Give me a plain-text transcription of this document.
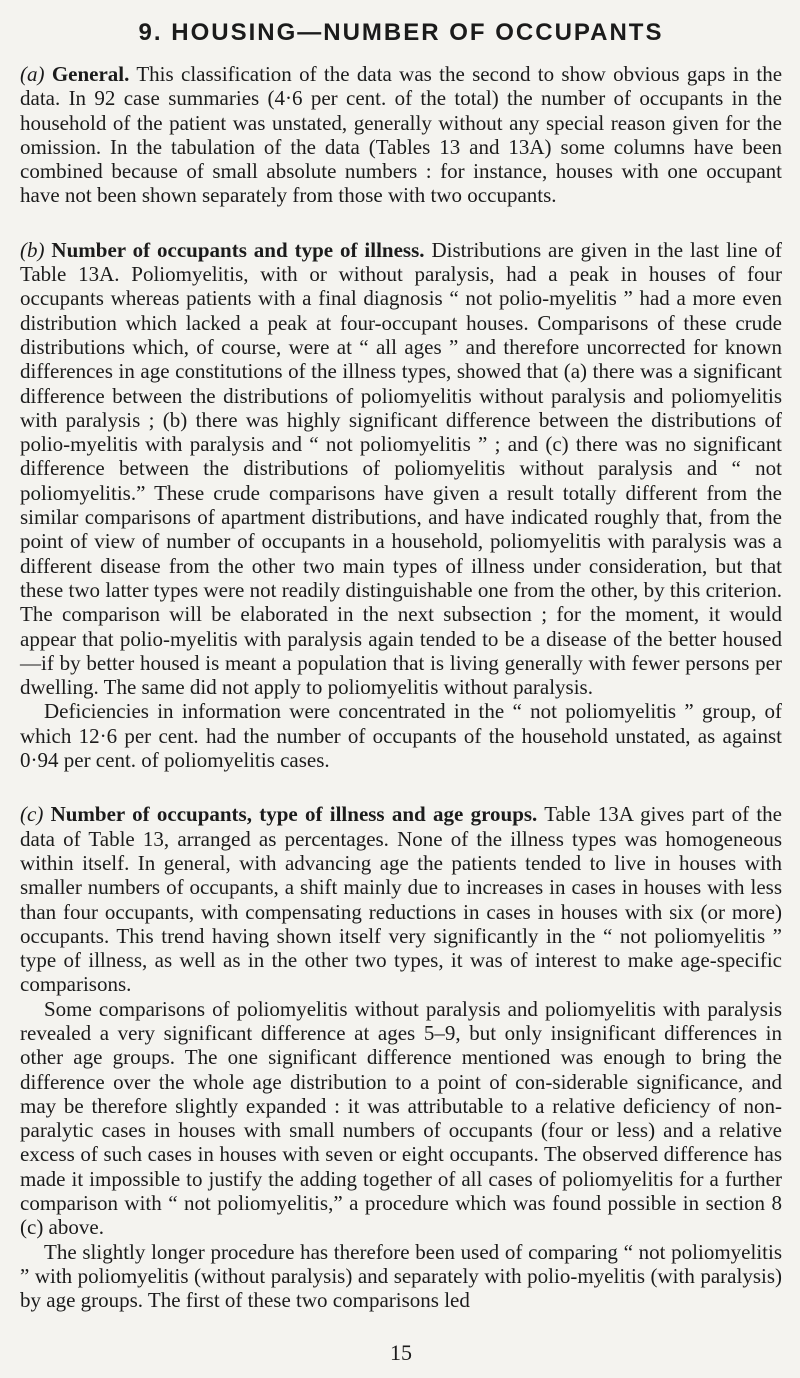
9. HOUSING—NUMBER OF OCCUPANTS

(a) General. This classification of the data was the second to show obvious gaps in the data. In 92 case summaries (4·6 per cent. of the total) the number of occupants in the household of the patient was unstated, generally without any special reason given for the omission. In the tabulation of the data (Tables 13 and 13A) some columns have been combined because of small absolute numbers : for instance, houses with one occupant have not been shown separately from those with two occupants.

(b) Number of occupants and type of illness. Distributions are given in the last line of Table 13A. Poliomyelitis, with or without paralysis, had a peak in houses of four occupants whereas patients with a final diagnosis “ not polio-myelitis ” had a more even distribution which lacked a peak at four-occupant houses. Comparisons of these crude distributions which, of course, were at “ all ages ” and therefore uncorrected for known differences in age constitutions of the illness types, showed that (a) there was a significant difference between the distributions of poliomyelitis without paralysis and poliomyelitis with paralysis ; (b) there was highly significant difference between the distributions of polio-myelitis with paralysis and “ not poliomyelitis ” ; and (c) there was no significant difference between the distributions of poliomyelitis without paralysis and “ not poliomyelitis.” These crude comparisons have given a result totally different from the similar comparisons of apartment distributions, and have indicated roughly that, from the point of view of number of occupants in a household, poliomyelitis with paralysis was a different disease from the other two main types of illness under consideration, but that these two latter types were not readily distinguishable one from the other, by this criterion. The comparison will be elaborated in the next subsection ; for the moment, it would appear that polio-myelitis with paralysis again tended to be a disease of the better housed—if by better housed is meant a population that is living generally with fewer persons per dwelling. The same did not apply to poliomyelitis without paralysis.

Deficiencies in information were concentrated in the “ not poliomyelitis ” group, of which 12·6 per cent. had the number of occupants of the household unstated, as against 0·94 per cent. of poliomyelitis cases.

(c) Number of occupants, type of illness and age groups. Table 13A gives part of the data of Table 13, arranged as percentages. None of the illness types was homogeneous within itself. In general, with advancing age the patients tended to live in houses with smaller numbers of occupants, a shift mainly due to increases in cases in houses with less than four occupants, with compensating reductions in cases in houses with six (or more) occupants. This trend having shown itself very significantly in the “ not poliomyelitis ” type of illness, as well as in the other two types, it was of interest to make age-specific comparisons.

Some comparisons of poliomyelitis without paralysis and poliomyelitis with paralysis revealed a very significant difference at ages 5–9, but only insignificant differences in other age groups. The one significant difference mentioned was enough to bring the difference over the whole age distribution to a point of con-siderable significance, and may be therefore slightly expanded : it was attributable to a relative deficiency of non-paralytic cases in houses with small numbers of occupants (four or less) and a relative excess of such cases in houses with seven or eight occupants. The observed difference has made it impossible to justify the adding together of all cases of poliomyelitis for a further comparison with “ not poliomyelitis,” a procedure which was found possible in section 8 (c) above.

The slightly longer procedure has therefore been used of comparing “ not poliomyelitis ” with poliomyelitis (without paralysis) and separately with polio-myelitis (with paralysis) by age groups. The first of these two comparisons led

15
